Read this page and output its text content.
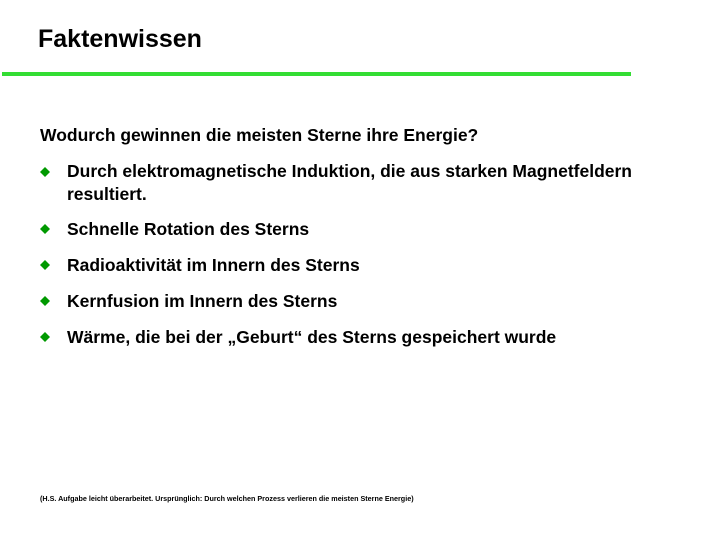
Faktenwissen
Wodurch gewinnen die meisten Sterne ihre Energie?
Durch elektromagnetische Induktion, die aus starken Magnetfeldern resultiert.
Schnelle Rotation des Sterns
Radioaktivität im Innern des Sterns
Kernfusion im Innern des Sterns
Wärme, die bei der „Geburt“ des Sterns gespeichert wurde
(H.S. Aufgabe leicht überarbeitet. Ursprünglich: Durch welchen Prozess verlieren die meisten Sterne Energie)
